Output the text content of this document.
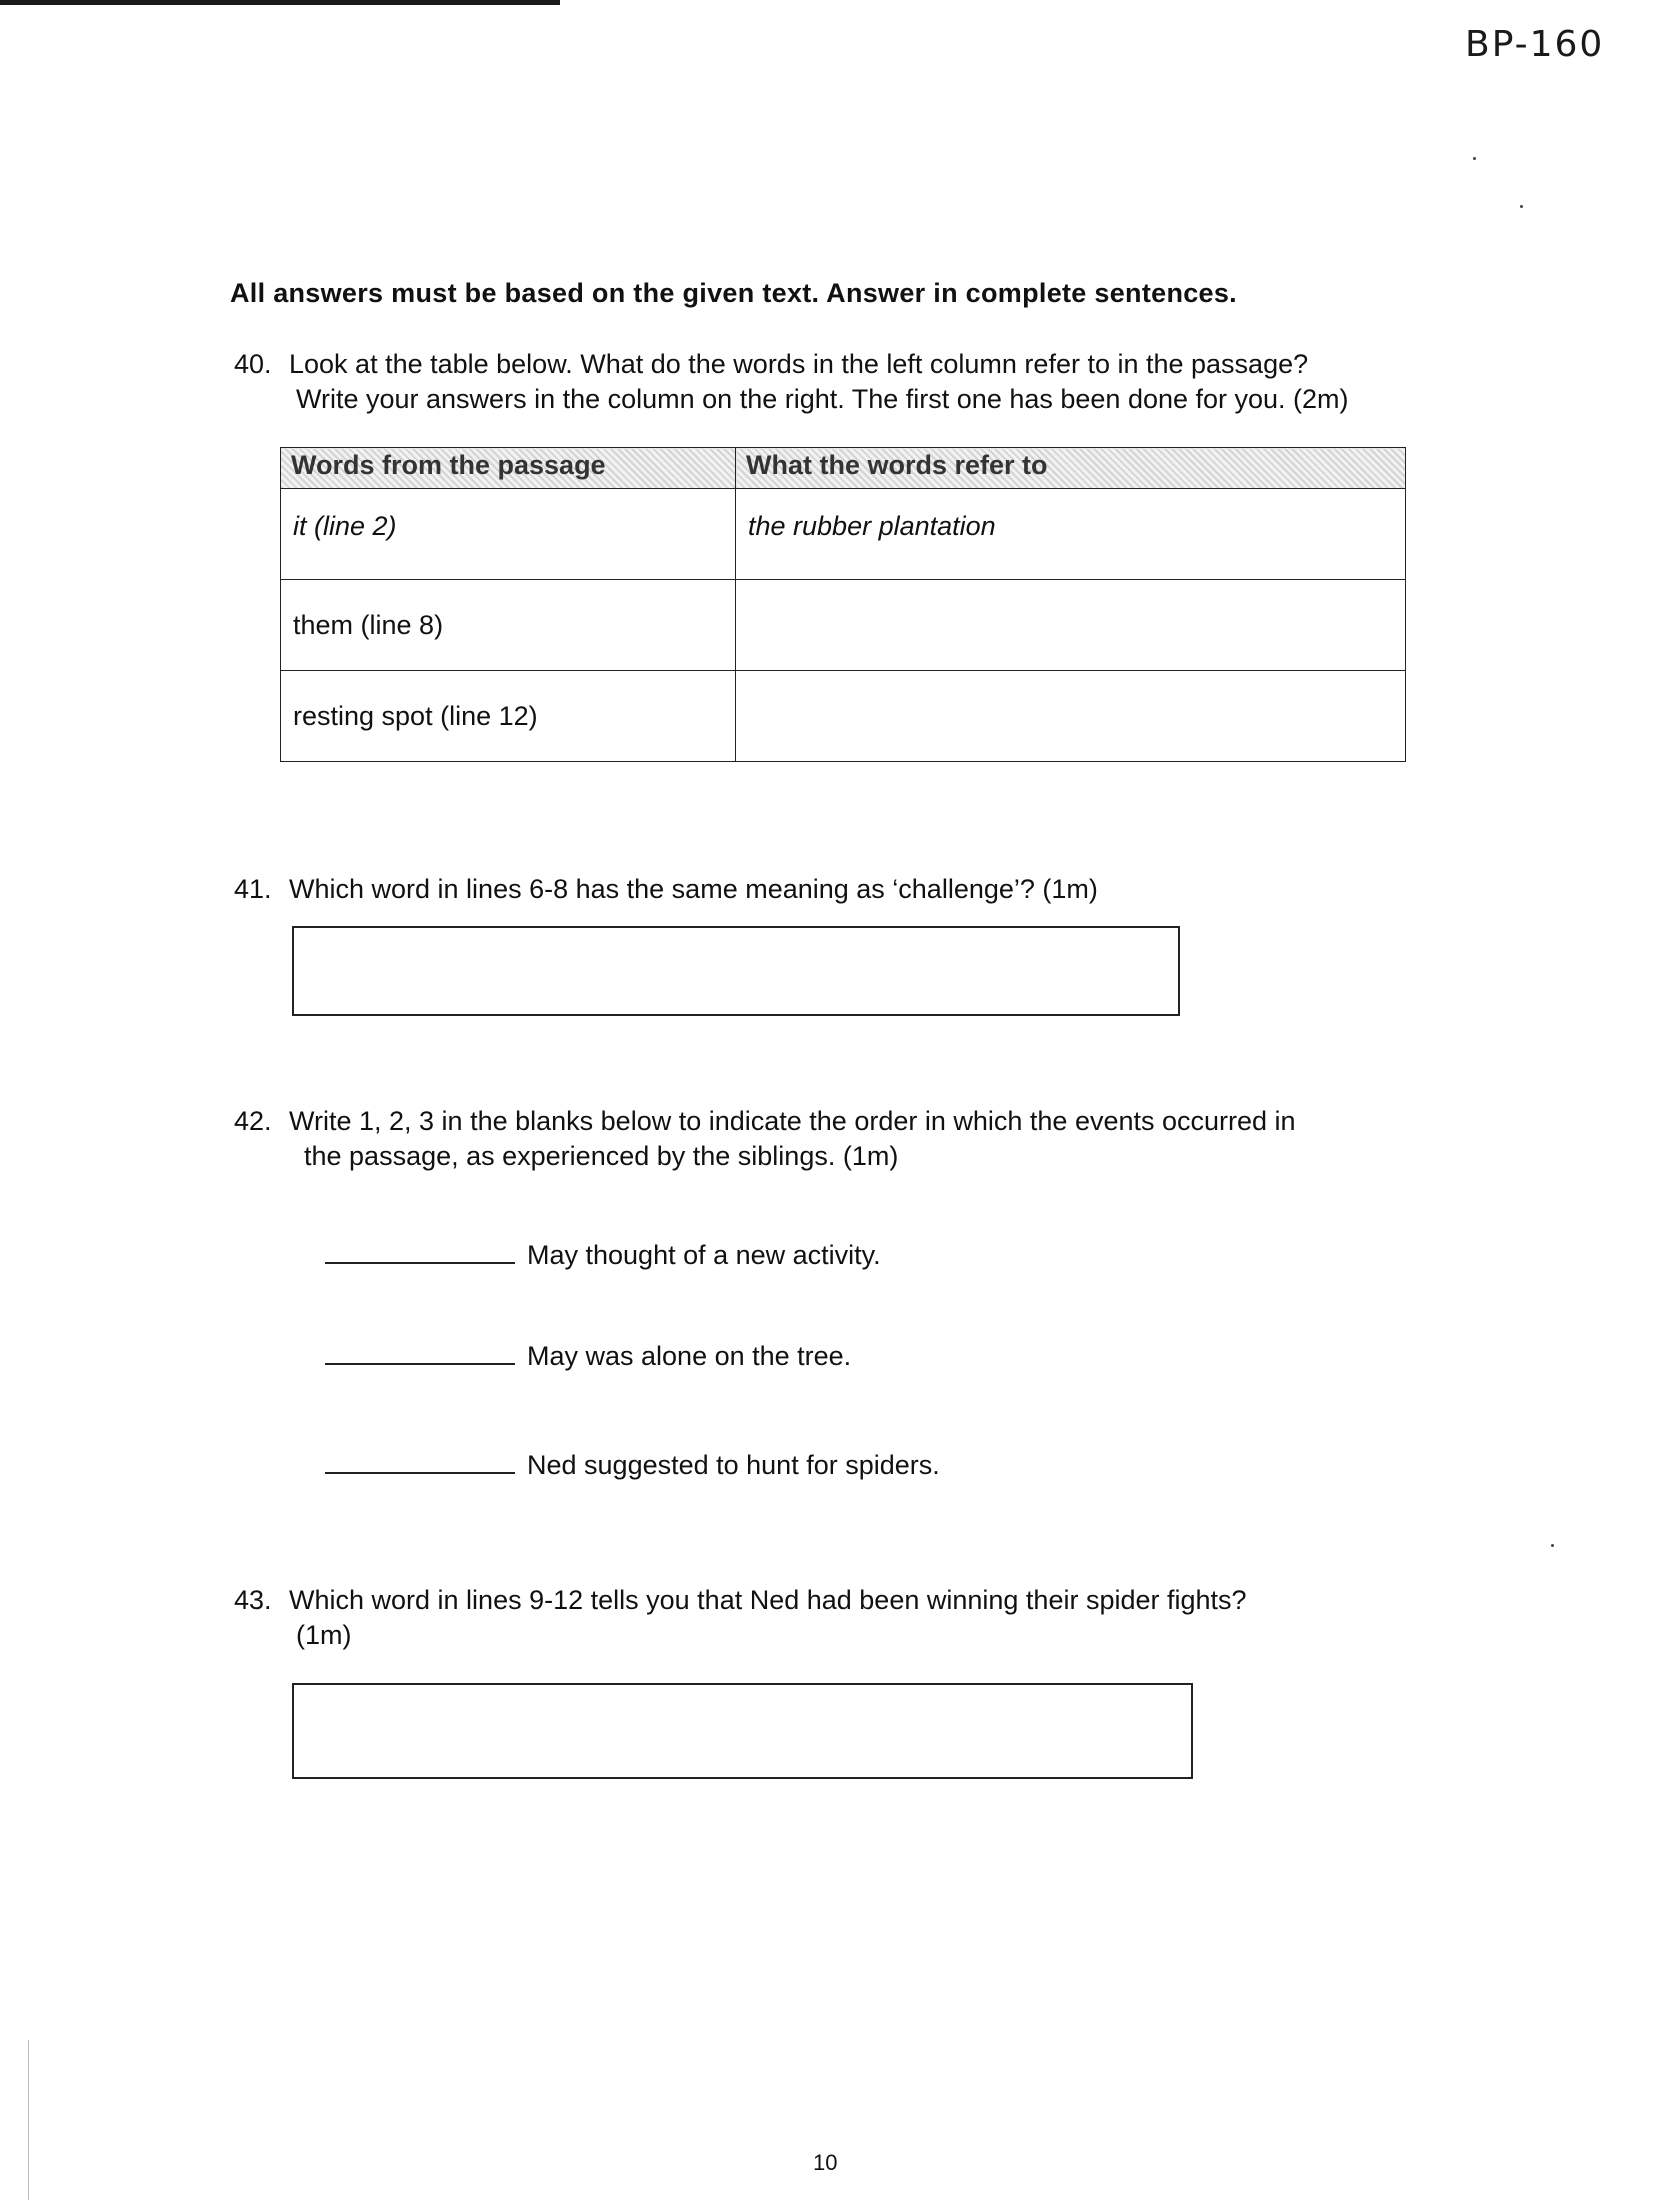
BP-160
All answers must be based on the given text. Answer in complete sentences.
40. Look at the table below. What do the words in the left column refer to in the passage?
Write your answers in the column on the right. The first one has been done for you. (2m)
Words from the passage	What the words refer to
it (line 2)	the rubber plantation
them (line 8)	
resting spot (line 12)	
41. Which word in lines 6-8 has the same meaning as ‘challenge’? (1m)
42. Write 1, 2, 3 in the blanks below to indicate the order in which the events occurred in
the passage, as experienced by the siblings. (1m)
May thought of a new activity.
May was alone on the tree.
Ned suggested to hunt for spiders.
43. Which word in lines 9-12 tells you that Ned had been winning their spider fights?
(1m)
10
